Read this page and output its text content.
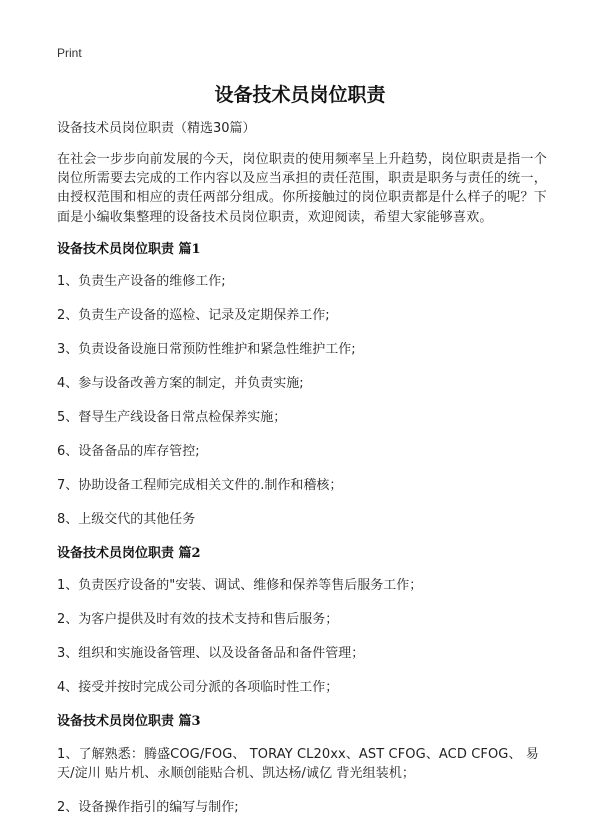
Print
设备技术员岗位职责

设备技术员岗位职责（精选30篇）

在社会一步步向前发展的今天，岗位职责的使用频率呈上升趋势，岗位职责是指一个岗位所需要去完成的工作内容以及应当承担的责任范围，职责是职务与责任的统一，由授权范围和相应的责任两部分组成。你所接触过的岗位职责都是什么样子的呢？下面是小编收集整理的设备技术员岗位职责，欢迎阅读，希望大家能够喜欢。

设备技术员岗位职责 篇1

1、负责生产设备的维修工作;

2、负责生产设备的巡检、记录及定期保养工作;

3、负责设备设施日常预防性维护和紧急性维护工作;

4、参与设备改善方案的制定，并负责实施;

5、督导生产线设备日常点检保养实施；

6、设备备品的库存管控;

7、协助设备工程师完成相关文件的.制作和稽核；

8、上级交代的其他任务

设备技术员岗位职责 篇2

1、负责医疗设备的"安装、调试、维修和保养等售后服务工作；

2、为客户提供及时有效的技术支持和售后服务；

3、组织和实施设备管理、以及设备备品和备件管理；

4、接受并按时完成公司分派的各项临时性工作；

设备技术员岗位职责 篇3

1、了解熟悉：腾盛COG/FOG、 TORAY CL20xx、AST CFOG、ACD CFOG、 易天/淀川 贴片机、永顺创能贴合机、凯达杨/诚亿 背光组装机；

2、设备操作指引的编写与制作;
